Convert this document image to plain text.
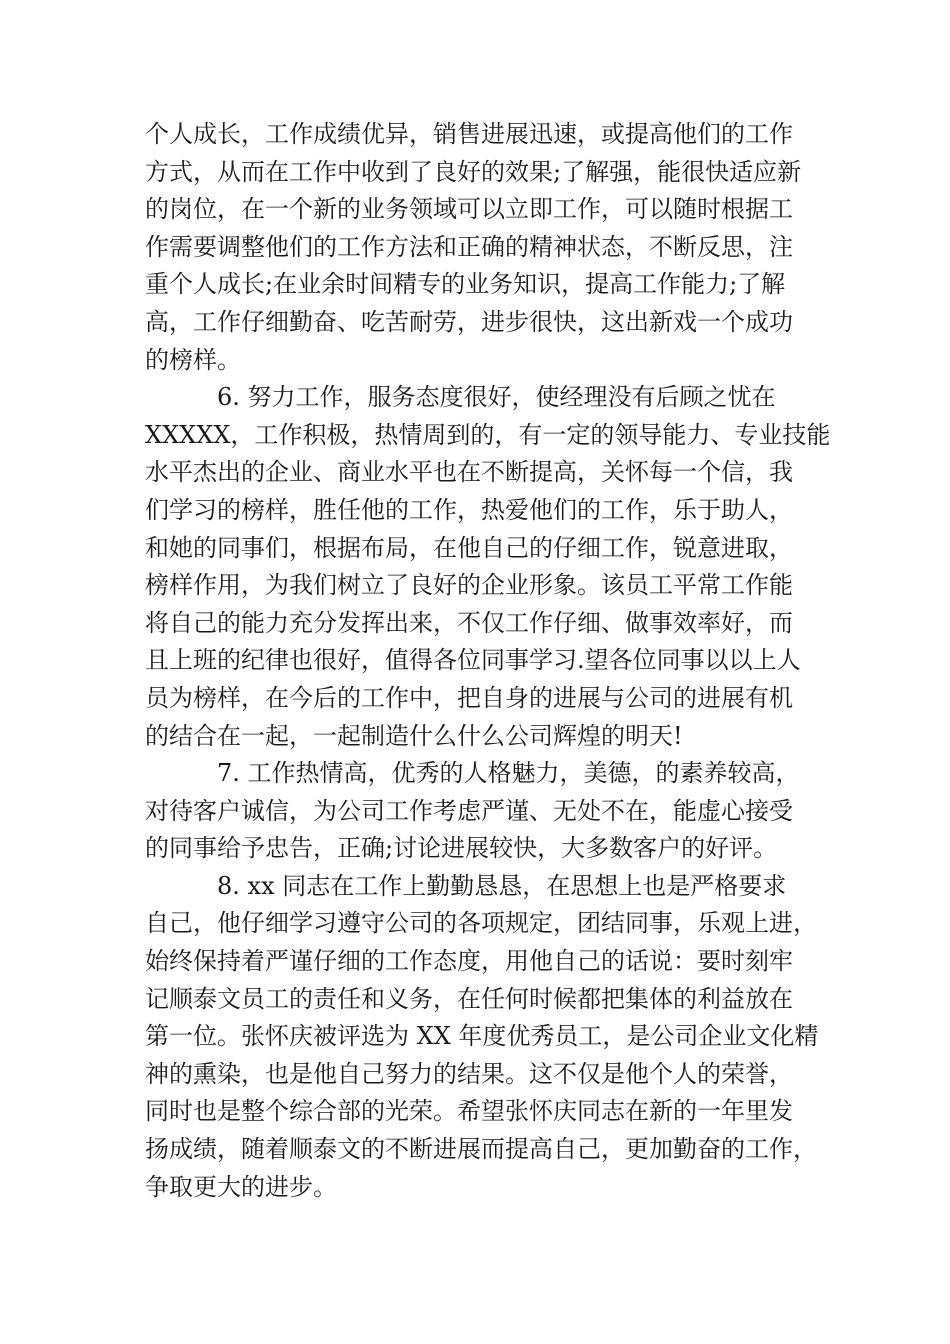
个人成长，工作成绩优异，销售进展迅速，或提高他们的工作
方式，从而在工作中收到了良好的效果;了解强，能很快适应新
的岗位，在一个新的业务领域可以立即工作，可以随时根据工
作需要调整他们的工作方法和正确的精神状态，不断反思，注
重个人成长;在业余时间精专的业务知识，提高工作能力;了解
高，工作仔细勤奋、吃苦耐劳，进步很快，这出新戏一个成功
的榜样。
6. 努力工作，服务态度很好，使经理没有后顾之忧在
XXXXX，工作积极，热情周到的，有一定的领导能力、专业技能
水平杰出的企业、商业水平也在不断提高，关怀每一个信，我
们学习的榜样，胜任他的工作，热爱他们的工作，乐于助人，
和她的同事们，根据布局，在他自己的仔细工作，锐意进取，
榜样作用，为我们树立了良好的企业形象。该员工平常工作能
将自己的能力充分发挥出来，不仅工作仔细、做事效率好，而
且上班的纪律也很好，值得各位同事学习.望各位同事以以上人
员为榜样，在今后的工作中，把自身的进展与公司的进展有机
的结合在一起，一起制造什么什么公司辉煌的明天!
7. 工作热情高，优秀的人格魅力，美德，的素养较高，
对待客户诚信，为公司工作考虑严谨、无处不在，能虚心接受
的同事给予忠告，正确;讨论进展较快，大多数客户的好评。
8. xx 同志在工作上勤勤恳恳，在思想上也是严格要求
自己，他仔细学习遵守公司的各项规定，团结同事，乐观上进，
始终保持着严谨仔细的工作态度，用他自己的话说：要时刻牢
记顺泰文员工的责任和义务，在任何时候都把集体的利益放在
第一位。张怀庆被评选为 XX 年度优秀员工，是公司企业文化精
神的熏染，也是他自己努力的结果。这不仅是他个人的荣誉，
同时也是整个综合部的光荣。希望张怀庆同志在新的一年里发
扬成绩，随着顺泰文的不断进展而提高自己，更加勤奋的工作，
争取更大的进步。
